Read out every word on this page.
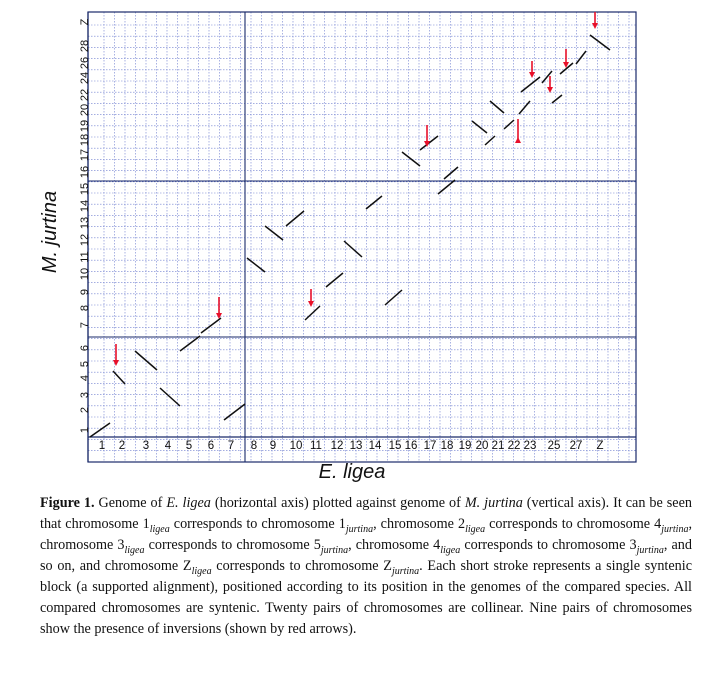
1 2 3 4 5 6 7 8 9 10 11 12 13 14 15 16 17 18 19 20 21 22 23 25 27 Z
1
2
3
4
5
6
7
8
9
10
11
12
13
14
15
16
17
18
19
20
22
24
26
28
Z
E. ligea
M. jurtina
Figure 1. Genome of E. ligea (horizontal axis) plotted against genome of M. jurtina (vertical axis). It can be seen that chromosome $1_{ligea}$ corresponds to chromosome $1_{jurtina}$, chromosome $2_{ligea}$ corresponds to chromosome $4_{jurtina}$, chromosome $3_{ligea}$ corresponds to chromosome $5_{jurtina}$, chromosome $4_{ligea}$ corresponds to chromosome $3_{jurtina}$, and so on, and chromosome $Z_{ligea}$ corresponds to chromosome $Z_{jurtina}$. Each short stroke represents a single syntenic block (a supported alignment), positioned according to its position in the genomes of the compared species. All compared chromosomes are syntenic. Twenty pairs of chromosomes are collinear. Nine pairs of chromosomes show the presence of inversions (shown by red arrows).
